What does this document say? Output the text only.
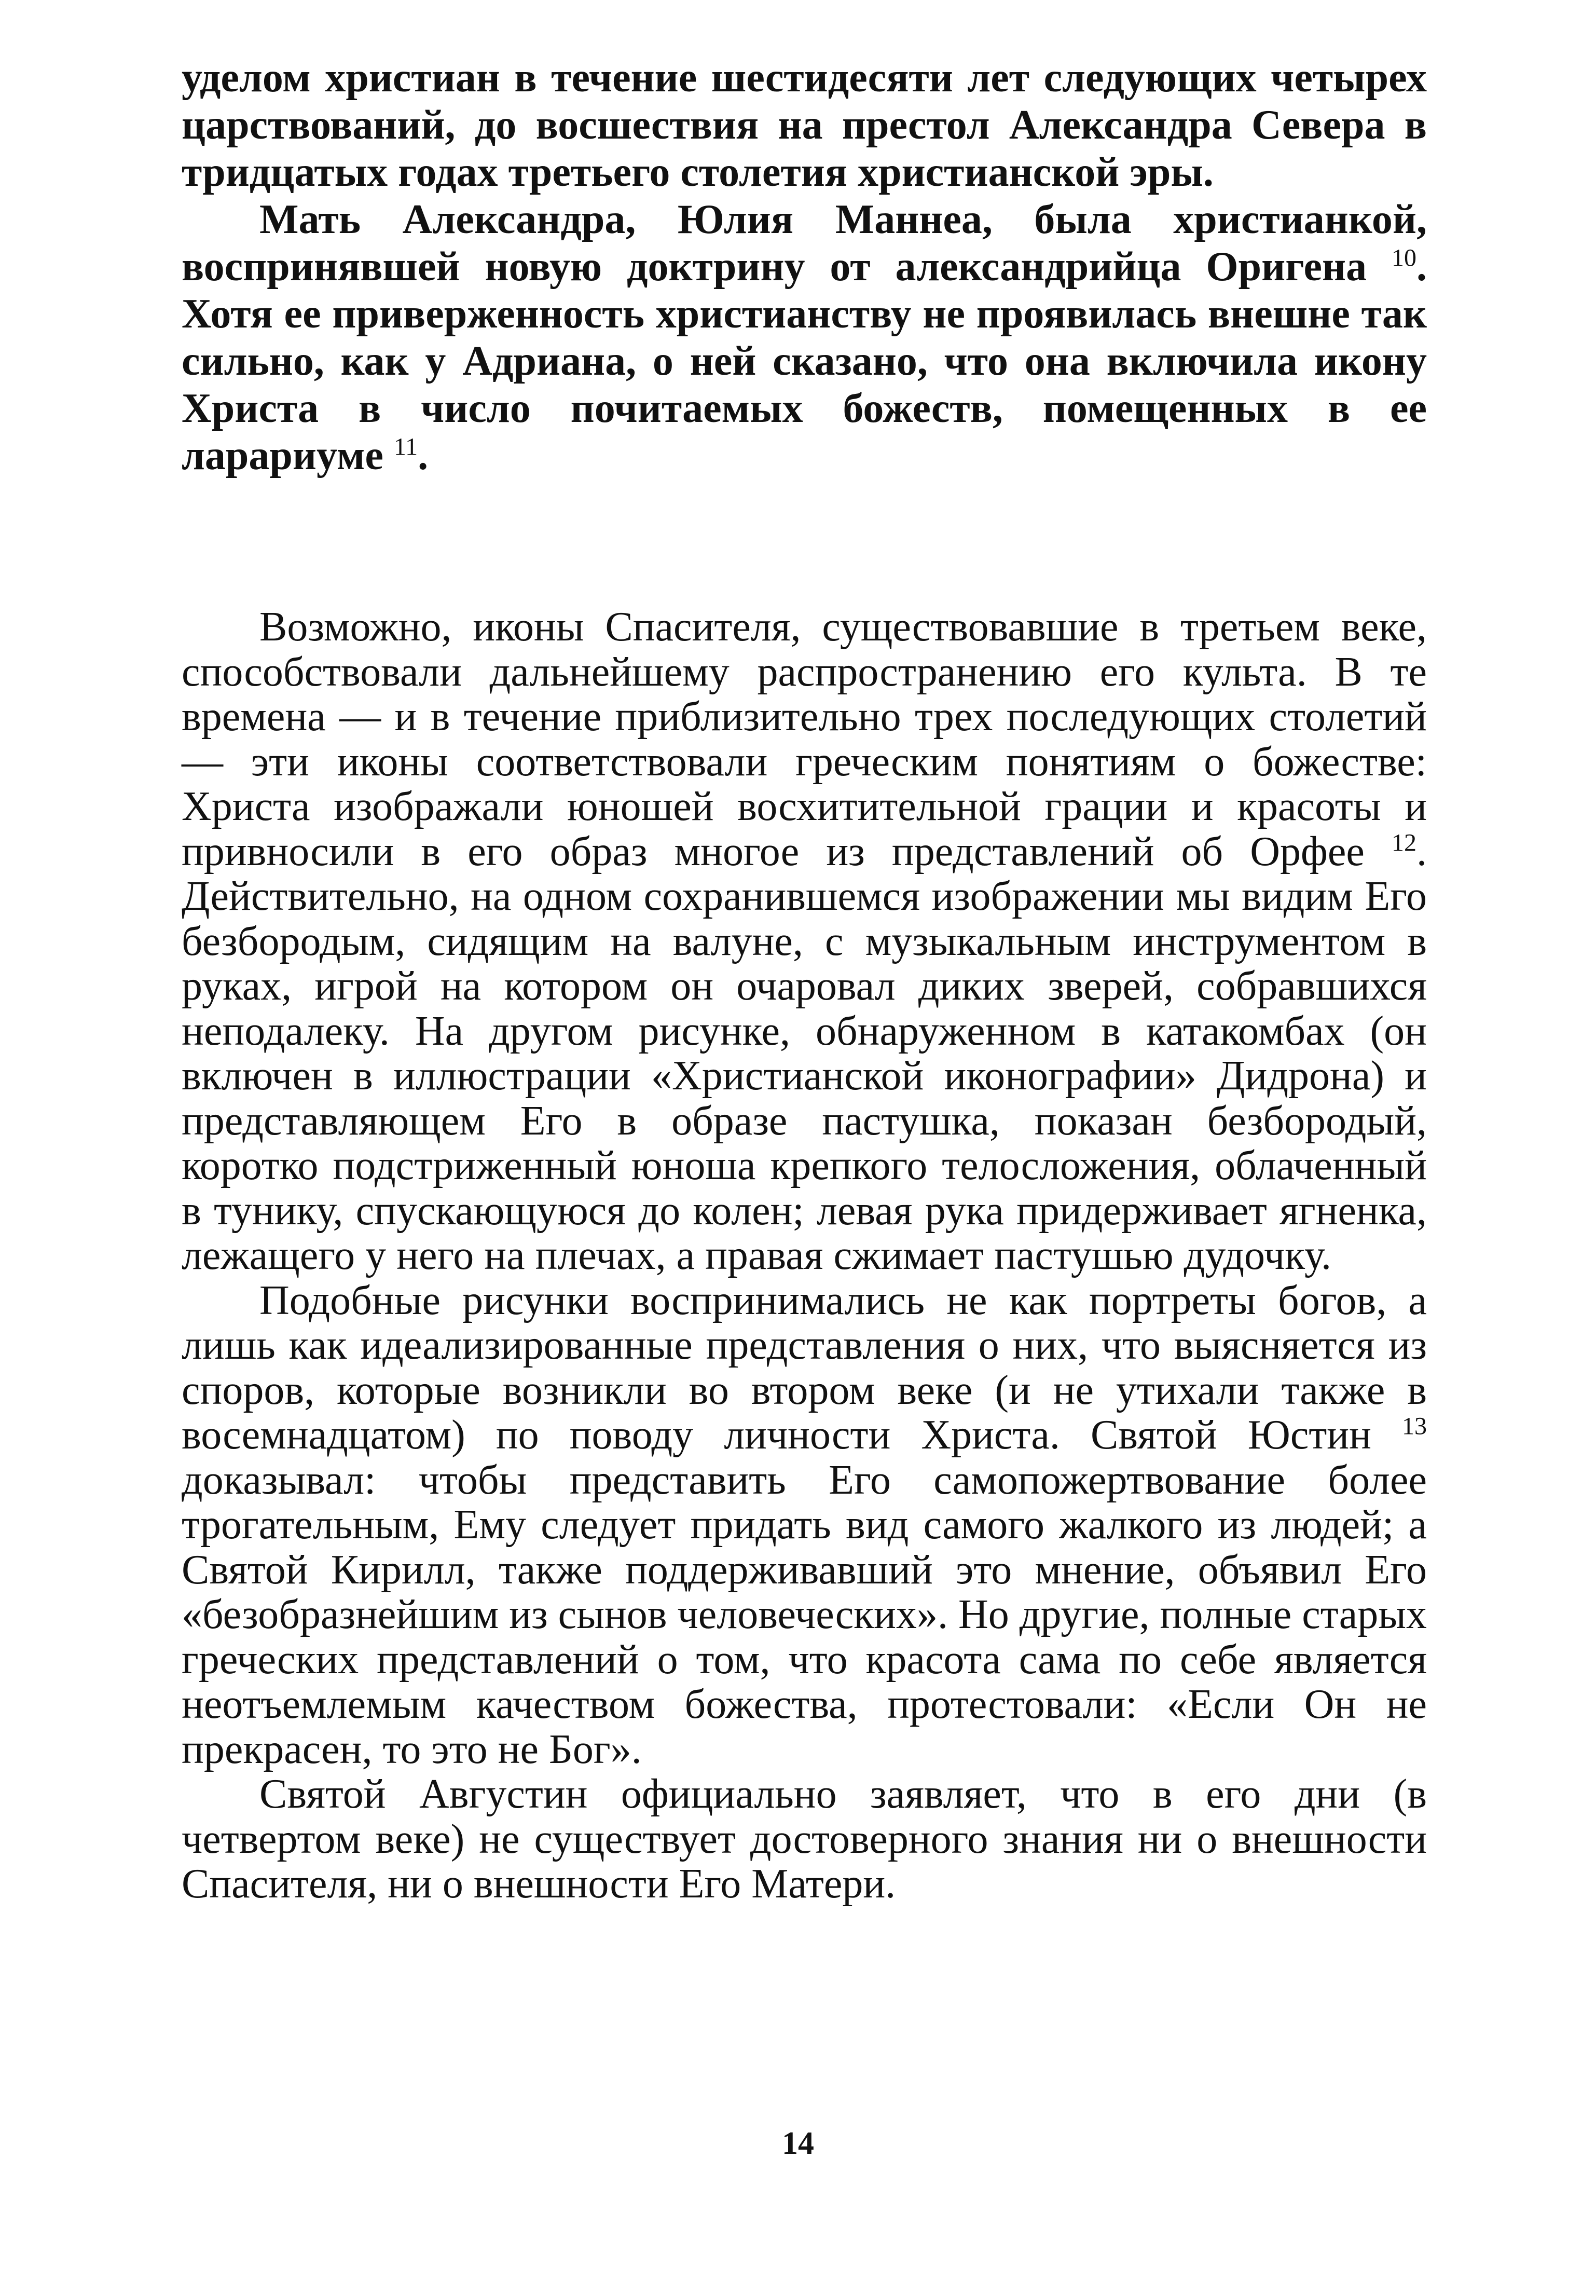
уделом христиан в течение шестидесяти лет следующих четырех царствований, до восшествия на престол Александра Севера в тридцатых годах третьего столетия христианской эры.

Мать Александра, Юлия Маннеа, была христианкой, воспринявшей новую доктрину от александрийца Оригена $^{10}$. Хотя ее приверженность христианству не проявилась внешне так сильно, как у Адриана, о ней сказано, что она включила икону Христа в число почитаемых божеств, помещенных в ее ларариуме $^{11}$.

Возможно, иконы Спасителя, существовавшие в третьем веке, способствовали дальнейшему распространению его культа. В те времена — и в течение приблизительно трех последующих столетий — эти иконы соответствовали греческим понятиям о божестве: Христа изображали юношей восхитительной грации и красоты и привносили в его образ многое из представлений об Орфее $^{12}$. Действительно, на одном сохранившемся изображении мы видим Его безбородым, сидящим на валуне, с музыкальным инструментом в руках, игрой на котором он очаровал диких зверей, собравшихся неподалеку. На другом рисунке, обнаруженном в катакомбах (он включен в иллюстрации «Христианской иконографии» Дидрона) и представляющем Его в образе пастушка, показан безбородый, коротко подстриженный юноша крепкого телосложения, облаченный в тунику, спускающуюся до колен; левая рука придерживает ягненка, лежащего у него на плечах, а правая сжимает пастушью дудочку.

Подобные рисунки воспринимались не как портреты богов, а лишь как идеализированные представления о них, что выясняется из споров, которые возникли во втором веке (и не утихали также в восемнадцатом) по поводу личности Христа. Святой Юстин $^{13}$ доказывал: чтобы представить Его самопожертвование более трогательным, Ему следует придать вид самого жалкого из людей; а Святой Кирилл, также поддерживавший это мнение, объявил Его «безобразнейшим из сынов человеческих». Но другие, полные старых греческих представлений о том, что красота сама по себе является неотъемлемым качеством божества, протестовали: «Если Он не прекрасен, то это не Бог».

Святой Августин официально заявляет, что в его дни (в четвертом веке) не существует достоверного знания ни о внешности Спасителя, ни о внешности Его Матери.

14
